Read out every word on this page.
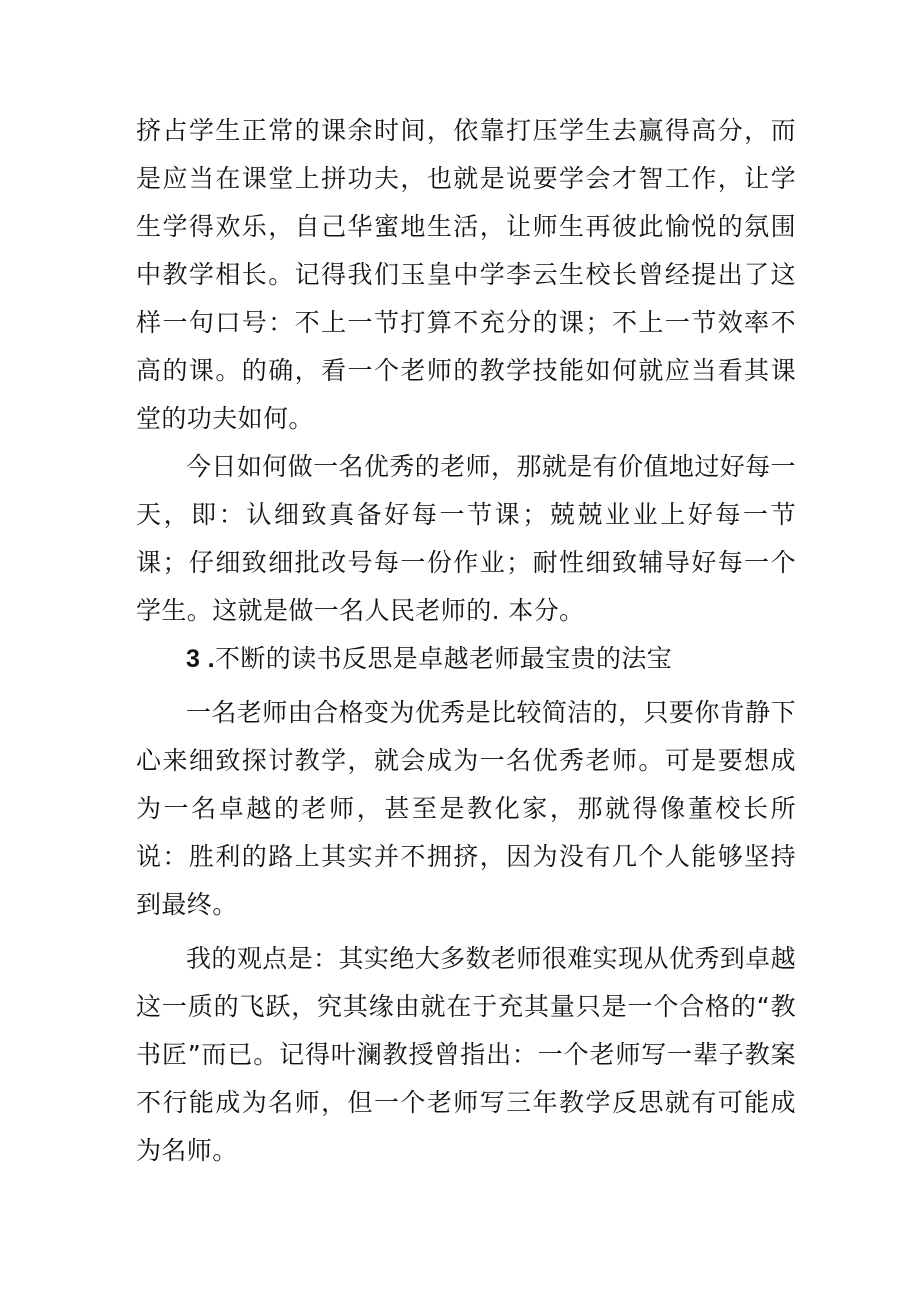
挤占学生正常的课余时间，依靠打压学生去赢得高分，而是应当在课堂上拼功夫，也就是说要学会才智工作，让学生学得欢乐，自己华蜜地生活，让师生再彼此愉悦的氛围中教学相长。记得我们玉皇中学李云生校长曾经提出了这样一句口号：不上一节打算不充分的课；不上一节效率不高的课。的确，看一个老师的教学技能如何就应当看其课堂的功夫如何。

今日如何做一名优秀的老师，那就是有价值地过好每一天，即：认细致真备好每一节课；兢兢业业上好每一节课；仔细致细批改号每一份作业；耐性细致辅导好每一个学生。这就是做一名人民老师的. 本分。

3 .不断的读书反思是卓越老师最宝贵的法宝

一名老师由合格变为优秀是比较简洁的，只要你肯静下心来细致探讨教学，就会成为一名优秀老师。可是要想成为一名卓越的老师，甚至是教化家，那就得像董校长所说：胜利的路上其实并不拥挤，因为没有几个人能够坚持到最终。

我的观点是：其实绝大多数老师很难实现从优秀到卓越这一质的飞跃，究其缘由就在于充其量只是一个合格的“教书匠”而已。记得叶澜教授曾指出：一个老师写一辈子教案不行能成为名师，但一个老师写三年教学反思就有可能成为名师。
